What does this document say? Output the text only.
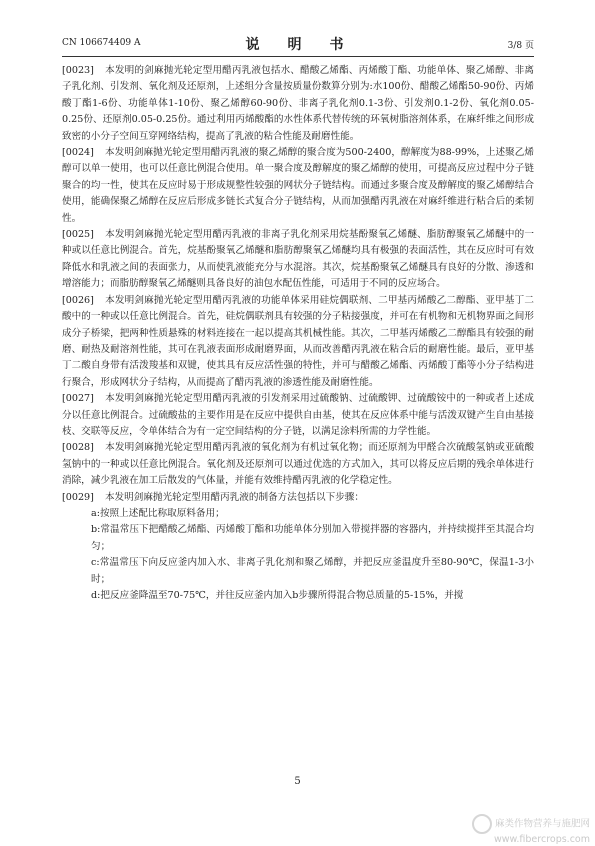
CN 106674409 A	说　明　书	3/8 页

[0023] 本发明的剑麻抛光轮定型用醋丙乳液包括水、醋酸乙烯酯、丙烯酸丁酯、功能单体、聚乙烯醇、非离子乳化剂、引发剂、氧化剂及还原剂，上述组分含量按质量份数算分别为:水100份、醋酸乙烯酯50-90份、丙烯酸丁酯1-6份、功能单体1-10份、聚乙烯醇60-90份、非离子乳化剂0.1-3份、引发剂0.1-2份、氧化剂0.05-0.25份、还原剂0.05-0.25份。通过利用丙烯酸酯的水性体系代替传统的环氧树脂溶剂体系，在麻纤维之间形成致密的小分子空间互穿网络结构，提高了乳液的粘合性能及耐磨性能。

[0024] 本发明剑麻抛光轮定型用醋丙乳液的聚乙烯醇的聚合度为500-2400，醇解度为88-99%，上述聚乙烯醇可以单一使用，也可以任意比例混合使用。单一聚合度及醇解度的聚乙烯醇的使用，可提高反应过程中分子链聚合的均一性，使其在反应时易于形成规整性较强的网状分子链结构。而通过多聚合度及醇解度的聚乙烯醇结合使用，能确保聚乙烯醇在反应后形成多链长式复合分子链结构，从而加强醋丙乳液在对麻纤维进行粘合后的柔韧性。

[0025] 本发明剑麻抛光轮定型用醋丙乳液的非离子乳化剂采用烷基酚聚氧乙烯醚、脂肪醇聚氧乙烯醚中的一种或以任意比例混合。首先，烷基酚聚氧乙烯醚和脂肪醇聚氧乙烯醚均具有极强的表面活性，其在反应时可有效降低水和乳液之间的表面张力，从而使乳液能充分与水混溶。其次，烷基酚聚氧乙烯醚具有良好的分散、渗透和增溶能力；而脂肪醇聚氧乙烯醚则具备良好的油包水配伍性能，可适用于不同的反应场合。

[0026] 本发明剑麻抛光轮定型用醋丙乳液的功能单体采用硅烷偶联剂、二甲基丙烯酸乙二醇酯、亚甲基丁二酸中的一种或以任意比例混合。首先，硅烷偶联剂具有较强的分子粘接强度，并可在有机物和无机物界面之间形成分子桥梁，把两种性质悬殊的材料连接在一起以提高其机械性能。其次，二甲基丙烯酸乙二醇酯具有较强的耐磨、耐热及耐溶剂性能，其可在乳液表面形成耐磨界面，从而改善醋丙乳液在粘合后的耐磨性能。最后，亚甲基丁二酸自身带有活泼羧基和双键，使其具有反应活性强的特性，并可与醋酸乙烯酯、丙烯酸丁酯等小分子结构进行聚合，形成网状分子结构，从而提高了醋丙乳液的渗透性能及耐磨性能。

[0027] 本发明剑麻抛光轮定型用醋丙乳液的引发剂采用过硫酸钠、过硫酸钾、过硫酸铵中的一种或者上述成分以任意比例混合。过硫酸盐的主要作用是在反应中提供自由基，使其在反应体系中能与活泼双键产生自由基接枝、交联等反应，令单体结合为有一定空间结构的分子链，以满足涂料所需的力学性能。

[0028] 本发明剑麻抛光轮定型用醋丙乳液的氧化剂为有机过氧化物；而还原剂为甲醛合次硫酸氢钠或亚硫酸氢钠中的一种或以任意比例混合。氧化剂及还原剂可以通过优选的方式加入，其可以将反应后期的残余单体进行消除，减少乳液在加工后散发的气体量，并能有效维持醋丙乳液的化学稳定性。

[0029] 本发明剑麻抛光轮定型用醋丙乳液的制备方法包括以下步骤：

a:按照上述配比称取原料备用；

b:常温常压下把醋酸乙烯酯、丙烯酸丁酯和功能单体分别加入带搅拌器的容器内，并持续搅拌至其混合均匀；

c:常温常压下向反应釜内加入水、非离子乳化剂和聚乙烯醇，并把反应釜温度升至80-90℃，保温1-3小时；

d:把反应釜降温至70-75℃，并往反应釜内加入b步骤所得混合物总质量的5-15%，并搅

5
麻类作物营养与施肥网
www.fibercrops.com
